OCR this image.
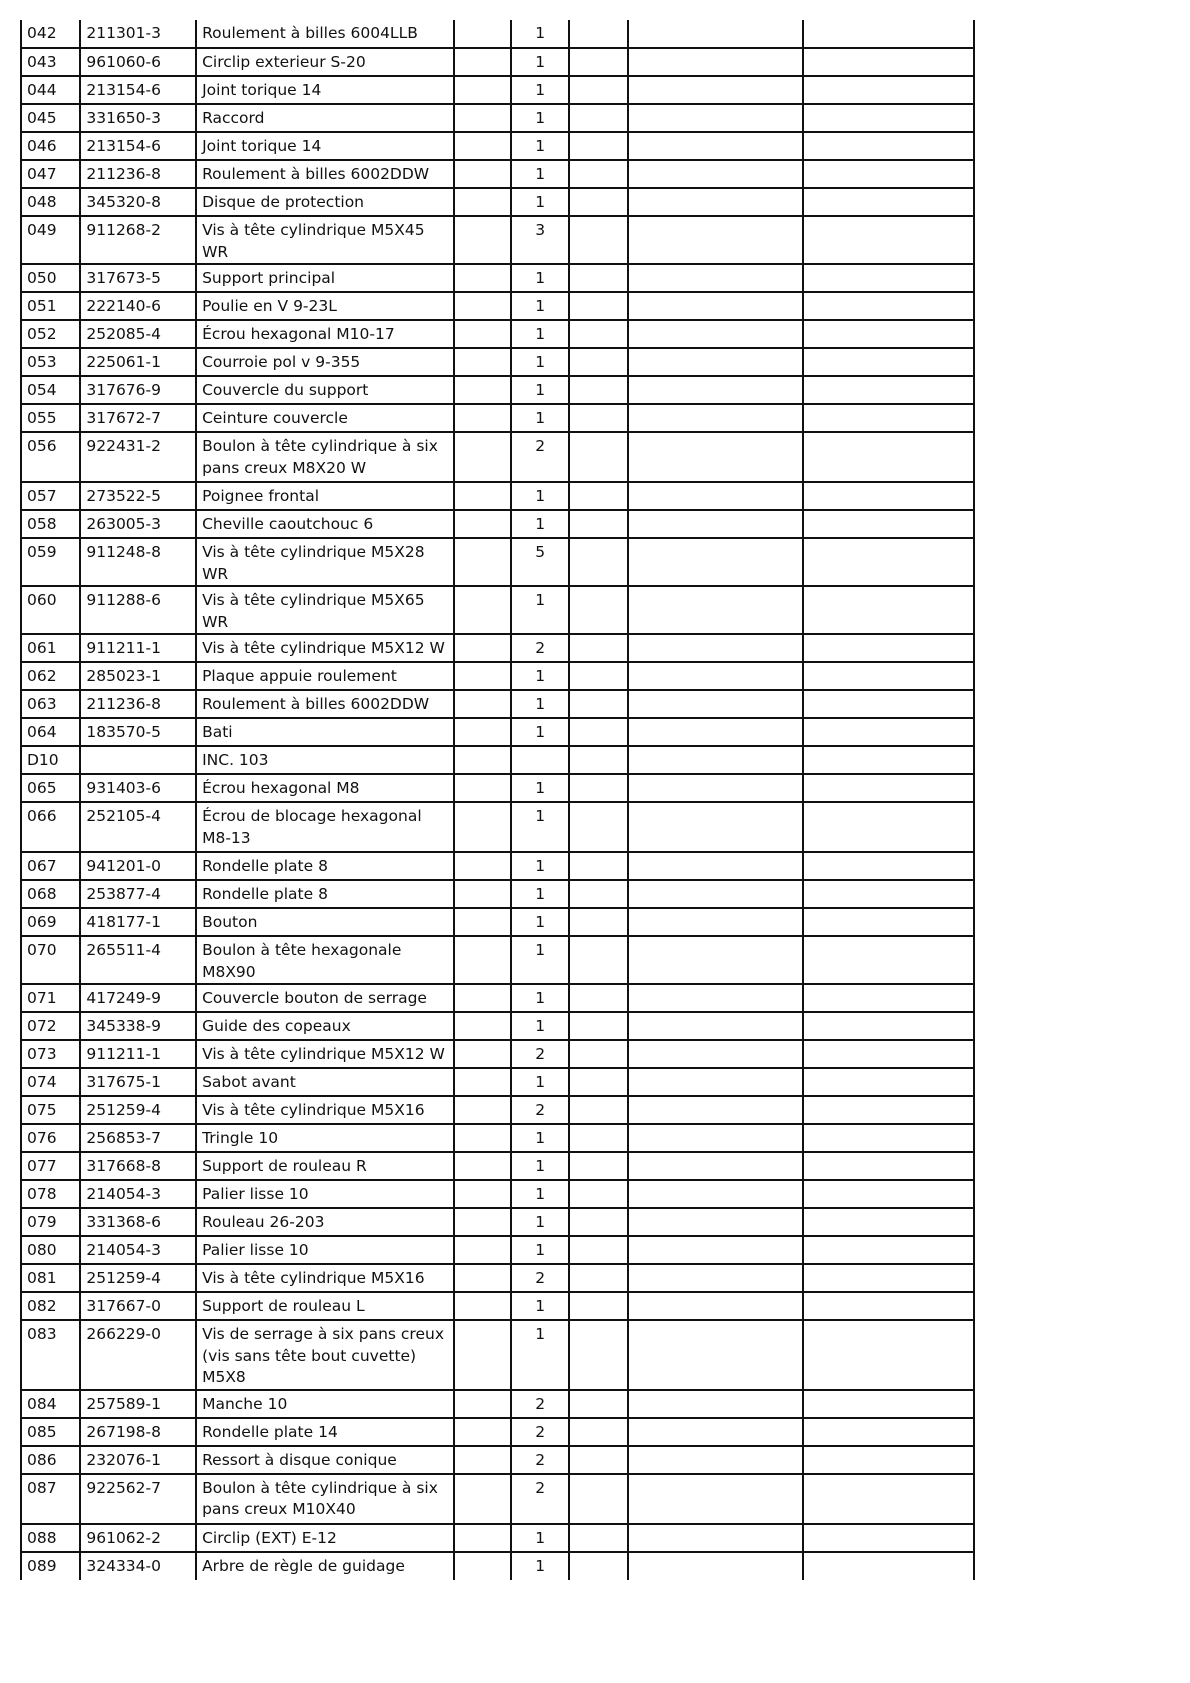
042	211301-3	Roulement à billes 6004LLB		1			
043	961060-6	Circlip exterieur S-20		1			
044	213154-6	Joint torique 14		1			
045	331650-3	Raccord		1			
046	213154-6	Joint torique 14		1			
047	211236-8	Roulement à billes 6002DDW		1			
048	345320-8	Disque de protection		1			
049	911268-2	Vis à tête cylindrique M5X45 WR		3			
050	317673-5	Support principal		1			
051	222140-6	Poulie en V 9-23L		1			
052	252085-4	Écrou hexagonal M10-17		1			
053	225061-1	Courroie pol v 9-355		1			
054	317676-9	Couvercle du support		1			
055	317672-7	Ceinture couvercle		1			
056	922431-2	Boulon à tête cylindrique à six pans creux M8X20 W		2			
057	273522-5	Poignee frontal		1			
058	263005-3	Cheville caoutchouc 6		1			
059	911248-8	Vis à tête cylindrique M5X28 WR		5			
060	911288-6	Vis à tête cylindrique M5X65 WR		1			
061	911211-1	Vis à tête cylindrique M5X12 W		2			
062	285023-1	Plaque appuie roulement		1			
063	211236-8	Roulement à billes 6002DDW		1			
064	183570-5	Bati		1			
D10		INC. 103					
065	931403-6	Écrou hexagonal M8		1			
066	252105-4	Écrou de blocage hexagonal M8-13		1			
067	941201-0	Rondelle plate 8		1			
068	253877-4	Rondelle plate 8		1			
069	418177-1	Bouton		1			
070	265511-4	Boulon à tête hexagonale M8X90		1			
071	417249-9	Couvercle bouton de serrage		1			
072	345338-9	Guide des copeaux		1			
073	911211-1	Vis à tête cylindrique M5X12 W		2			
074	317675-1	Sabot avant		1			
075	251259-4	Vis à tête cylindrique M5X16		2			
076	256853-7	Tringle 10		1			
077	317668-8	Support de rouleau R		1			
078	214054-3	Palier lisse 10		1			
079	331368-6	Rouleau 26-203		1			
080	214054-3	Palier lisse 10		1			
081	251259-4	Vis à tête cylindrique M5X16		2			
082	317667-0	Support de rouleau L		1			
083	266229-0	Vis de serrage à six pans creux (vis sans tête bout cuvette) M5X8		1			
084	257589-1	Manche 10		2			
085	267198-8	Rondelle plate 14		2			
086	232076-1	Ressort à disque conique		2			
087	922562-7	Boulon à tête cylindrique à six pans creux M10X40		2			
088	961062-2	Circlip (EXT) E-12		1			
089	324334-0	Arbre de règle de guidage		1			
